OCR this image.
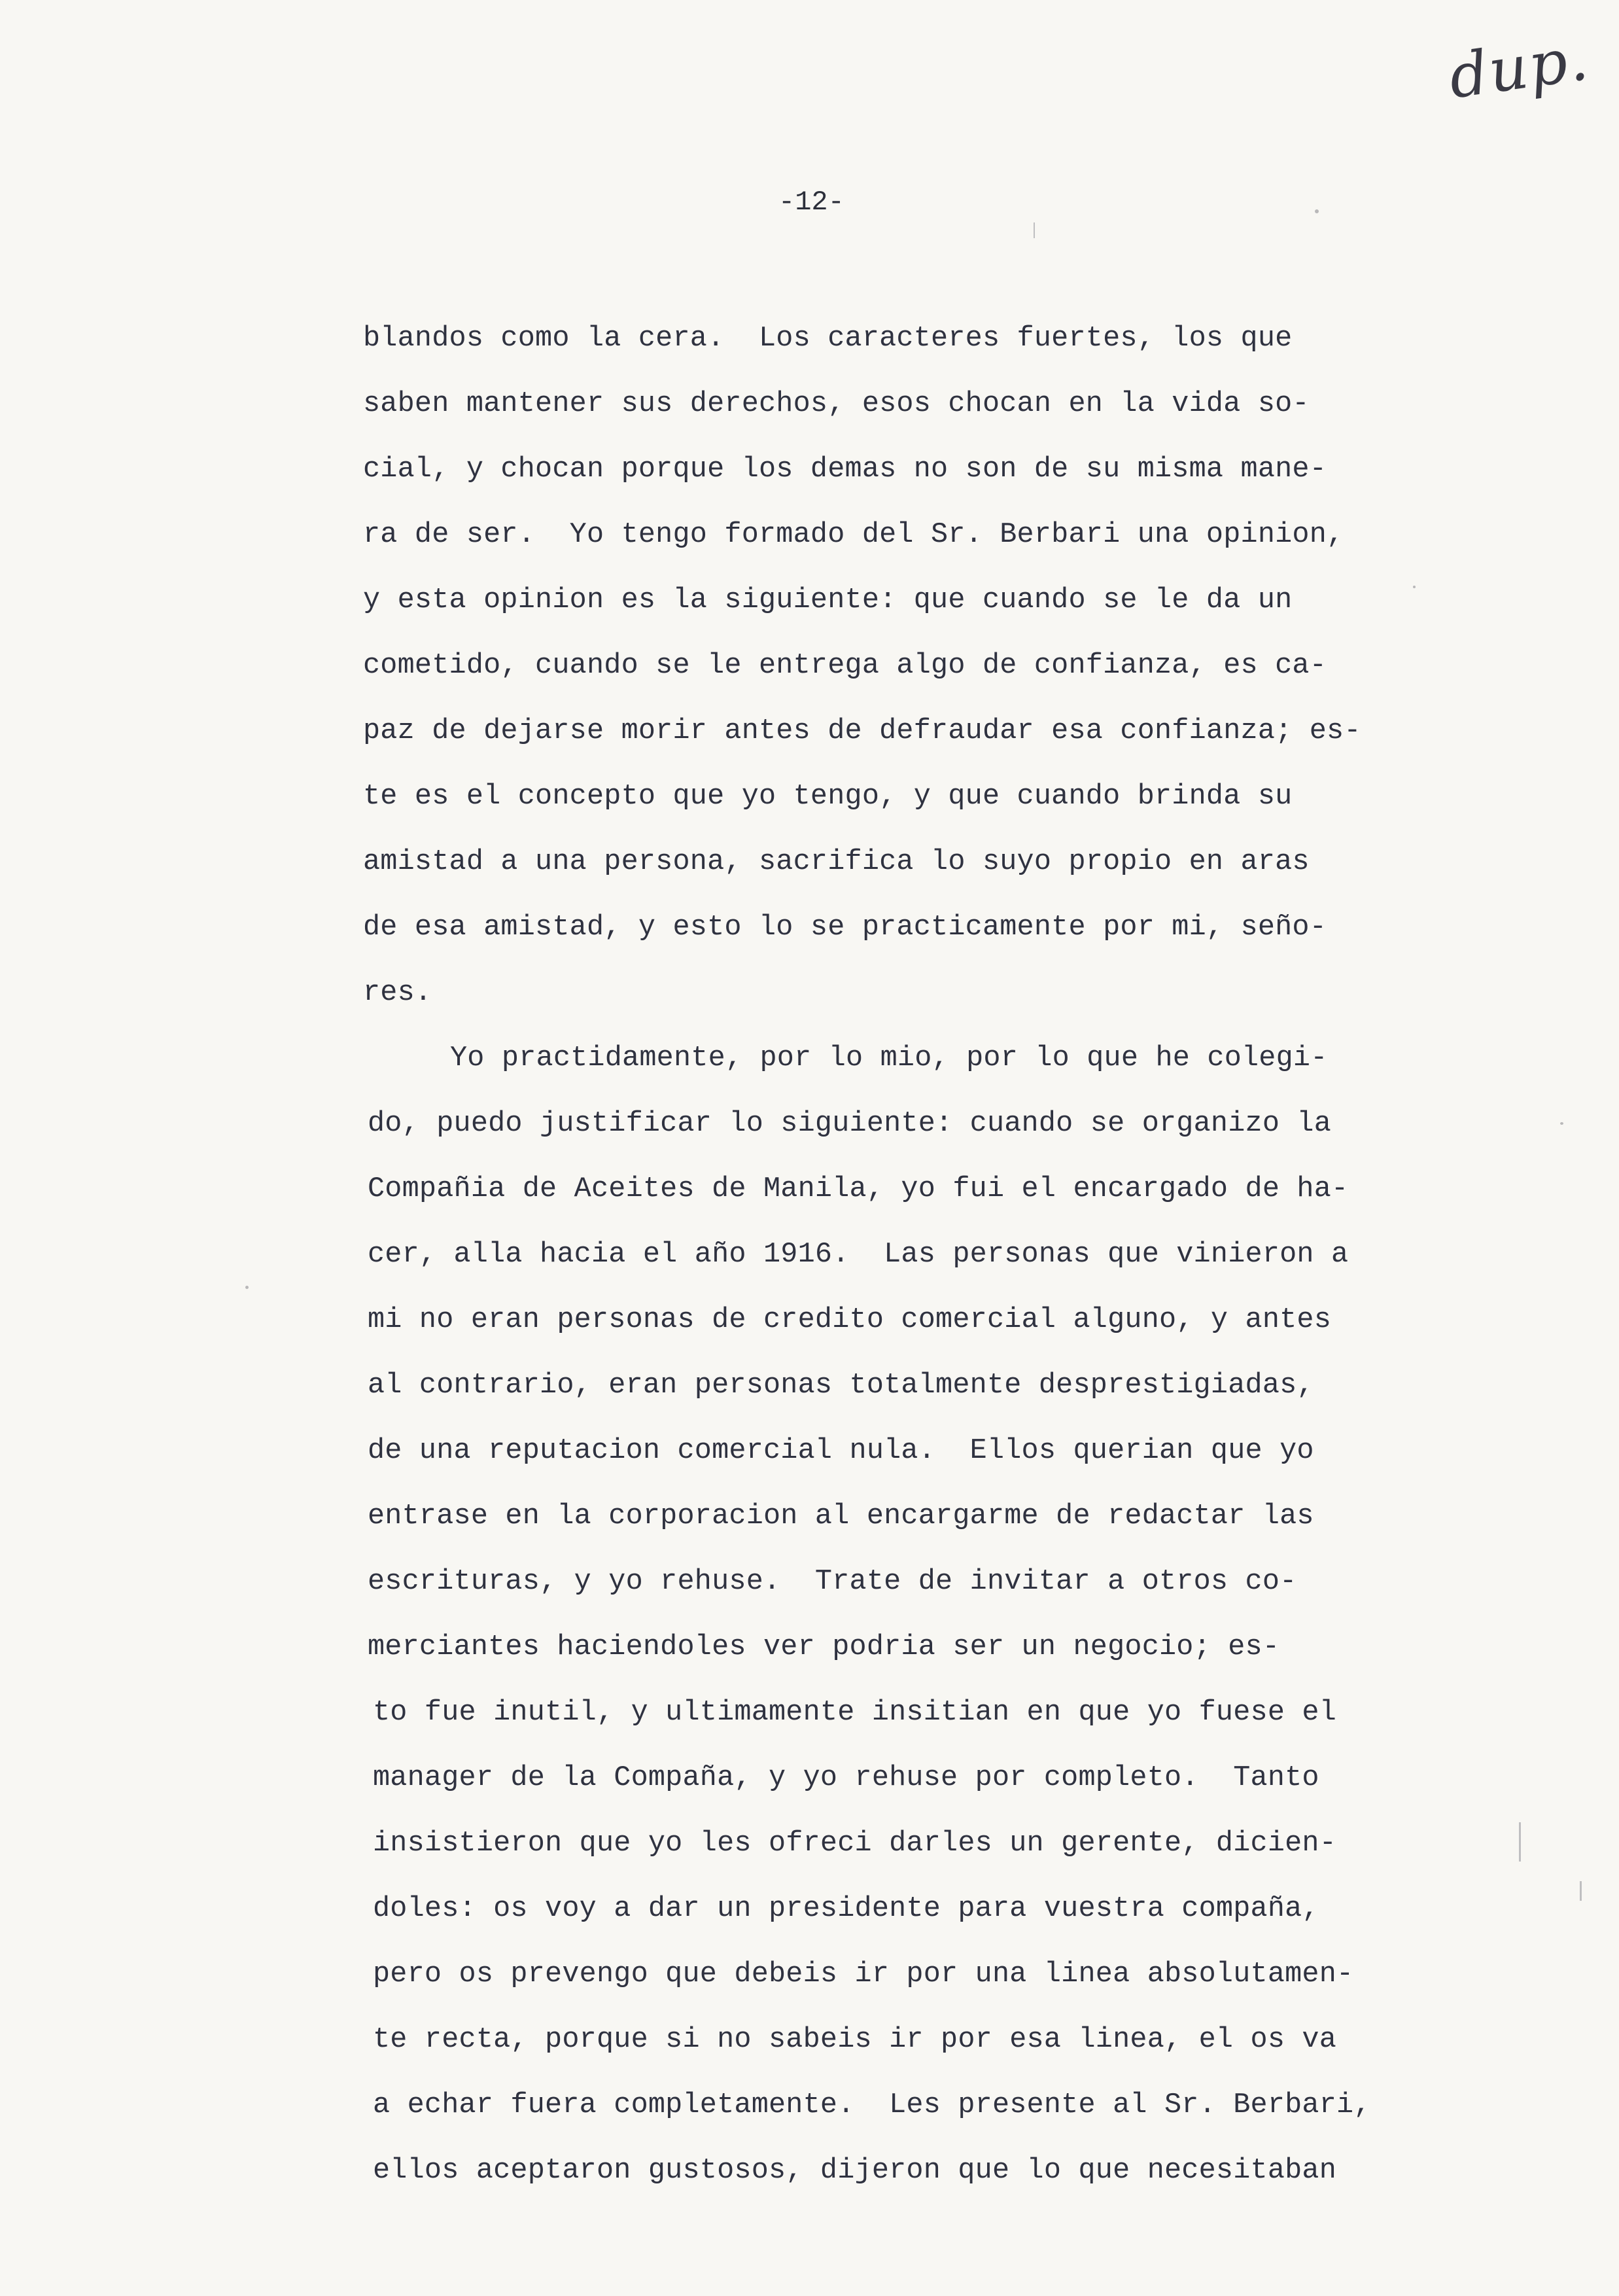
dup.
-12-
blandos como la cera.  Los caracteres fuertes, los que
saben mantener sus derechos, esos chocan en la vida so-
cial, y chocan porque los demas no son de su misma mane-
ra de ser.  Yo tengo formado del Sr. Berbari una opinion,
y esta opinion es la siguiente: que cuando se le da un
cometido, cuando se le entrega algo de confianza, es ca-
paz de dejarse morir antes de defraudar esa confianza; es-
te es el concepto que yo tengo, y que cuando brinda su
amistad a una persona, sacrifica lo suyo propio en aras
de esa amistad, y esto lo se practicamente por mi, seño-
res.
Yo practidamente, por lo mio, por lo que he colegi-
do, puedo justificar lo siguiente: cuando se organizo la
Compañia de Aceites de Manila, yo fui el encargado de ha-
cer, alla hacia el año 1916.  Las personas que vinieron a
mi no eran personas de credito comercial alguno, y antes
al contrario, eran personas totalmente desprestigiadas,
de una reputacion comercial nula.  Ellos querian que yo
entrase en la corporacion al encargarme de redactar las
escrituras, y yo rehuse.  Trate de invitar a otros co-
merciantes haciendoles ver podria ser un negocio; es-
to fue inutil, y ultimamente insitian en que yo fuese el
manager de la Compaña, y yo rehuse por completo.  Tanto
insistieron que yo les ofreci darles un gerente, dicien-
doles: os voy a dar un presidente para vuestra compaña,
pero os prevengo que debeis ir por una linea absolutamen-
te recta, porque si no sabeis ir por esa linea, el os va
a echar fuera completamente.  Les presente al Sr. Berbari,
ellos aceptaron gustosos, dijeron que lo que necesitaban
